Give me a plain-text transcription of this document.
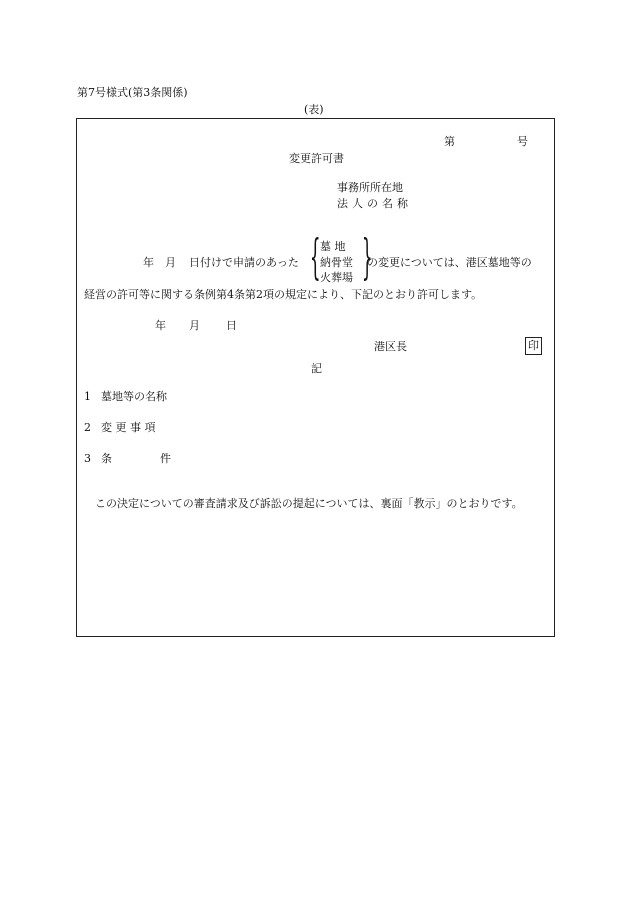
第7号様式(第3条関係)
(表)
第	号
変更許可書
事務所所在地
法人の名称
年 月 日付けで申請のあった { 墓 地
納骨堂
火葬場 }
の変更については、港区墓地等の
経営の許可等に関する条例第4条第2項の規定により、下記のとおり許可します。
年 月 日
港区長	印
記
1 墓地等の名称
2 変 更 事 項
3 条	件
この決定についての審査請求及び訴訟の提起については、裏面「教示」のとおりです。
